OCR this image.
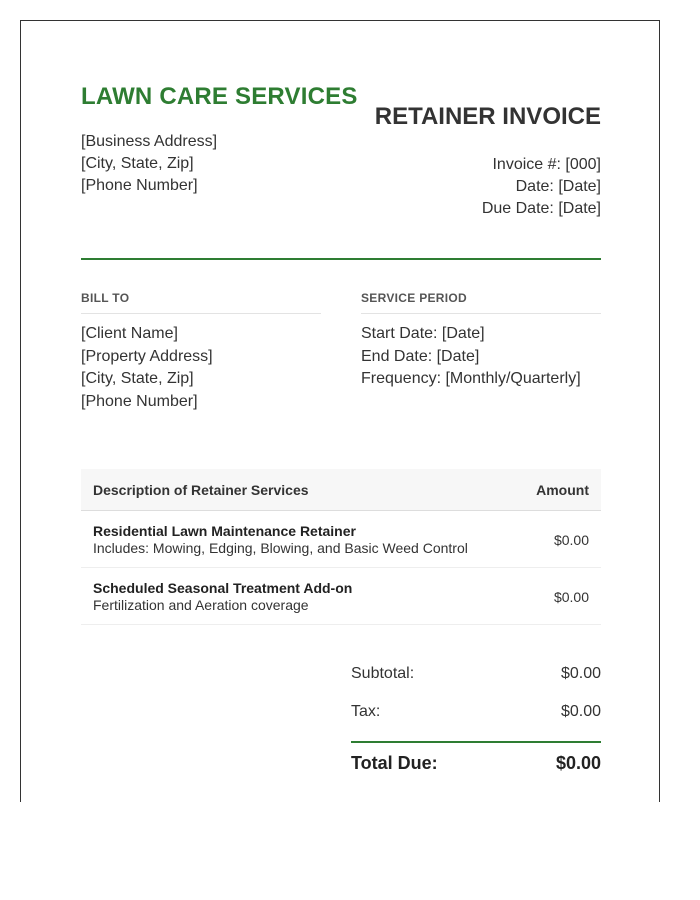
LAWN CARE SERVICES
[Business Address]
[City, State, Zip]
[Phone Number]
RETAINER INVOICE
Invoice #: [000]
Date: [Date]
Due Date: [Date]
BILL TO
[Client Name]
[Property Address]
[City, State, Zip]
[Phone Number]
SERVICE PERIOD
Start Date: [Date]
End Date: [Date]
Frequency: [Monthly/Quarterly]
Description of Retainer Services	Amount
Residential Lawn Maintenance Retainer
Includes: Mowing, Edging, Blowing, and Basic Weed Control	$0.00
Scheduled Seasonal Treatment Add-on
Fertilization and Aeration coverage	$0.00
Subtotal:	$0.00
Tax:	$0.00
Total Due:	$0.00
